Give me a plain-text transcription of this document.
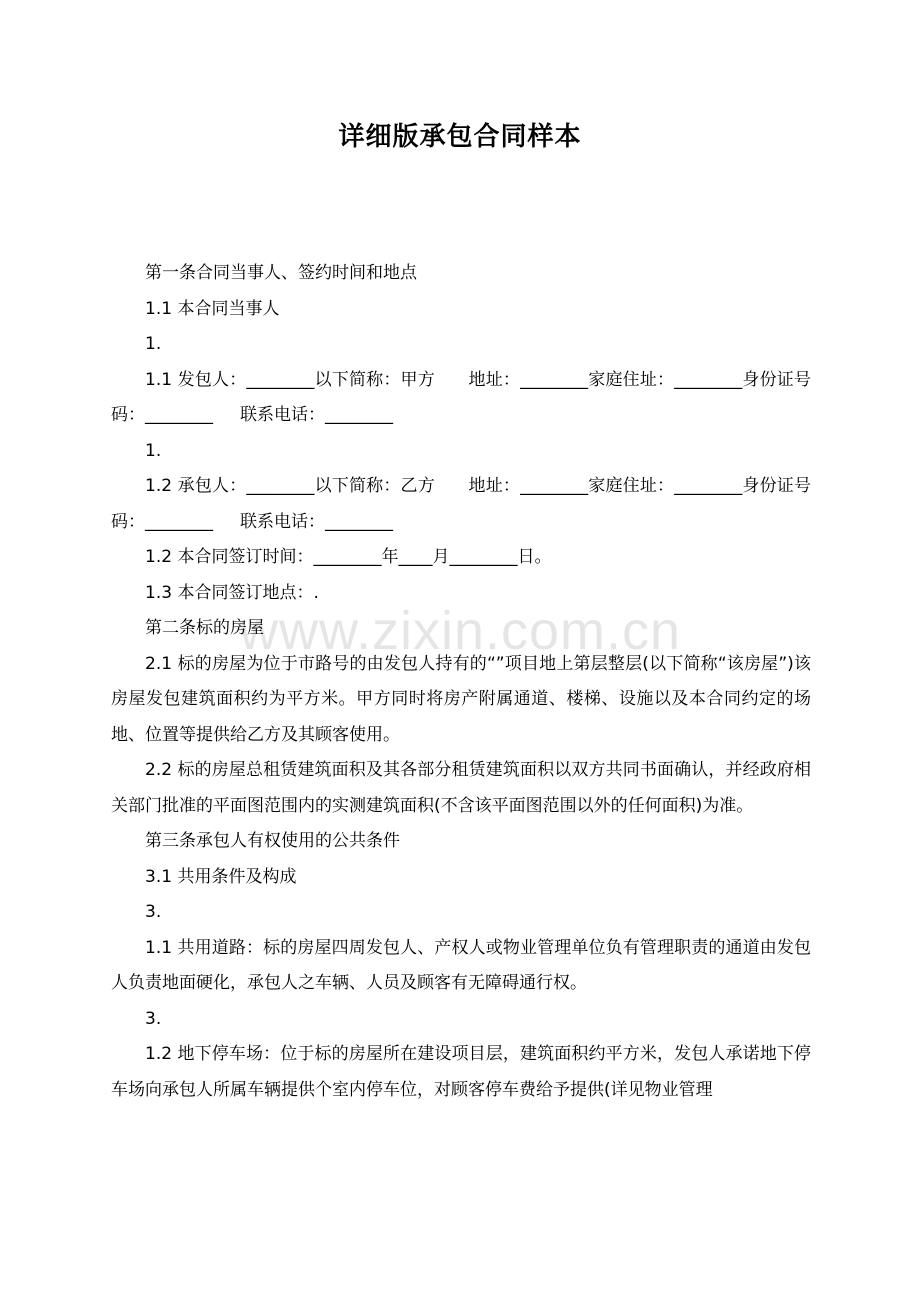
详细版承包合同样本
www.zixin.com.cn

第一条合同当事人、签约时间和地点

1.1 本合同当事人

1.

1.1 发包人：________以下简称：甲方      地址：________家庭住址：________身份证号码：________     联系电话：________

1.

1.2 承包人：________以下简称：乙方      地址：________家庭住址：________身份证号码：________     联系电话：________

1.2 本合同签订时间：________年____月________日。

1.3 本合同签订地点：.

第二条标的房屋

2.1 标的房屋为位于市路号的由发包人持有的“”项目地上第层整层(以下简称“该房屋”)该房屋发包建筑面积约为平方米。甲方同时将房产附属通道、楼梯、设施以及本合同约定的场地、位置等提供给乙方及其顾客使用。

2.2 标的房屋总租赁建筑面积及其各部分租赁建筑面积以双方共同书面确认，并经政府相关部门批准的平面图范围内的实测建筑面积(不含该平面图范围以外的任何面积)为准。

第三条承包人有权使用的公共条件

3.1 共用条件及构成

3.

1.1 共用道路：标的房屋四周发包人、产权人或物业管理单位负有管理职责的通道由发包人负责地面硬化，承包人之车辆、人员及顾客有无障碍通行权。

3.

1.2 地下停车场：位于标的房屋所在建设项目层，建筑面积约平方米，发包人承诺地下停车场向承包人所属车辆提供个室内停车位，对顾客停车费给予提供(详见物业管理
